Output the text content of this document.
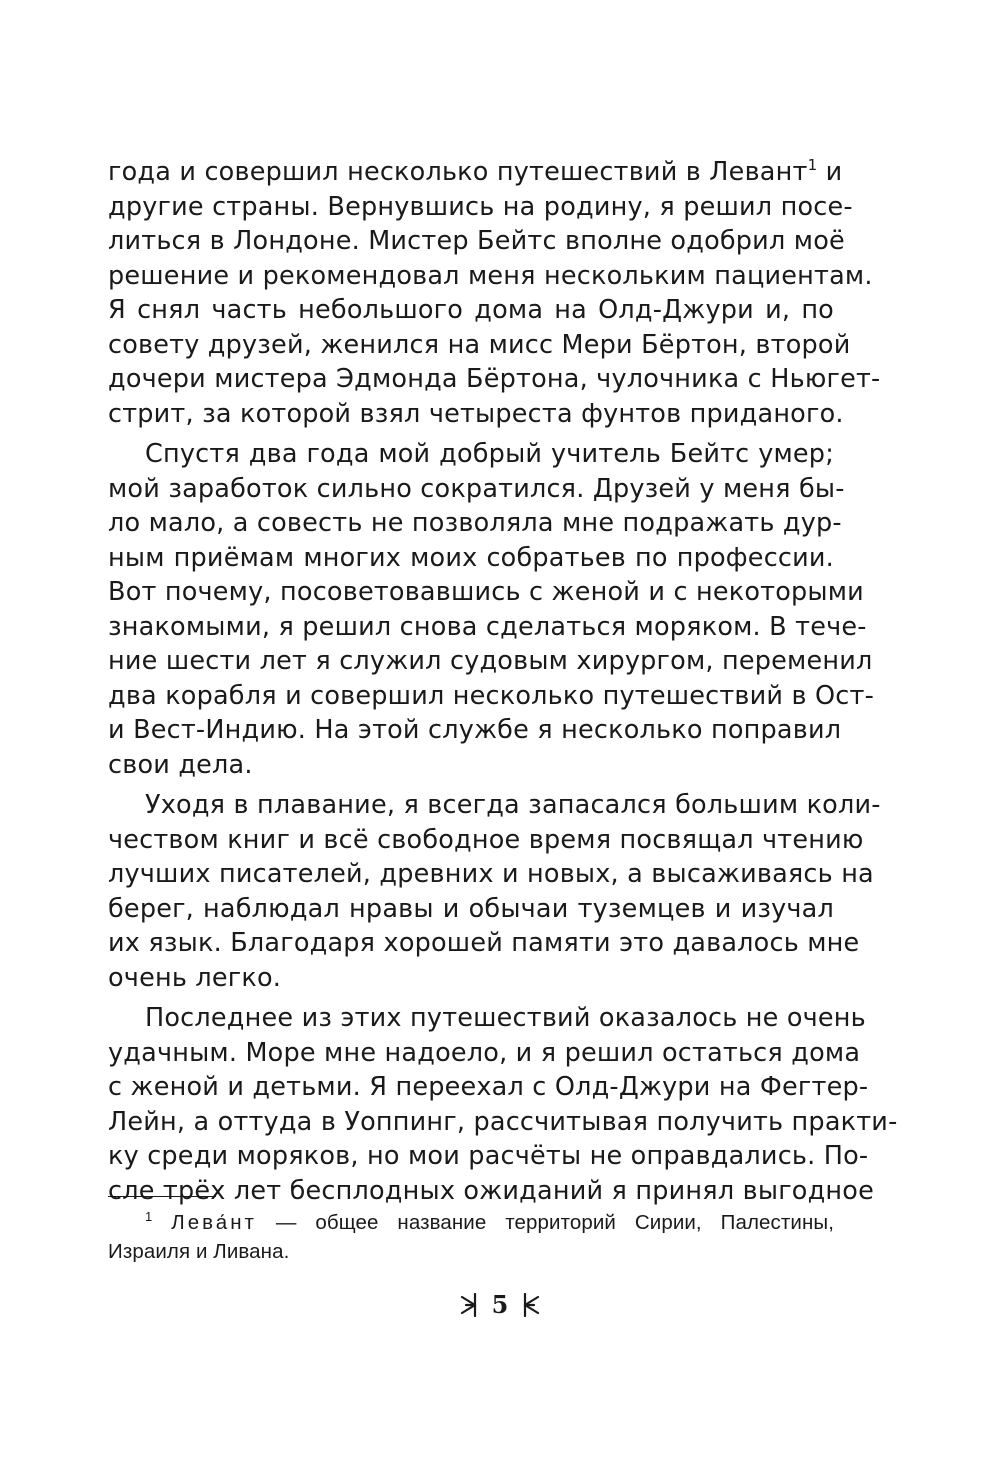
года и совершил несколько путешествий в Левант$^1$ и
другие страны. Вернувшись на родину, я решил посе-
литься в Лондоне. Мистер Бейтс вполне одобрил моё
решение и рекомендовал меня нескольким пациентам.
Я снял часть небольшого дома на Олд-Джури и, по
совету друзей, женился на мисс Мери Бёртон, второй
дочери мистера Эдмонда Бёртона, чулочника с Ньюгет-
стрит, за которой взял четыреста фунтов приданого.

Спустя два года мой добрый учитель Бейтс умер;
мой заработок сильно сократился. Друзей у меня бы-
ло мало, а совесть не позволяла мне подражать дур-
ным приёмам многих моих собратьев по профессии.
Вот почему, посоветовавшись с женой и с некоторыми
знакомыми, я решил снова сделаться моряком. В тече-
ние шести лет я служил судовым хирургом, переменил
два корабля и совершил несколько путешествий в Ост-
и Вест-Индию. На этой службе я несколько поправил
свои дела.

Уходя в плавание, я всегда запасался большим коли-
чеством книг и всё свободное время посвящал чтению
лучших писателей, древних и новых, а высаживаясь на
берег, наблюдал нравы и обычаи туземцев и изучал
их язык. Благодаря хорошей памяти это давалось мне
очень легко.

Последнее из этих путешествий оказалось не очень
удачным. Море мне надоело, и я решил остаться дома
с женой и детьми. Я переехал с Олд-Джури на Фегтер-
Лейн, а оттуда в Уоппинг, рассчитывая получить практи-
ку среди моряков, но мои расчёты не оправдались. По-
сле трёх лет бесплодных ожиданий я принял выгодное

$^1$ Лева́нт — общее название территорий Сирии, Палестины,
Израиля и Ливана.
5
